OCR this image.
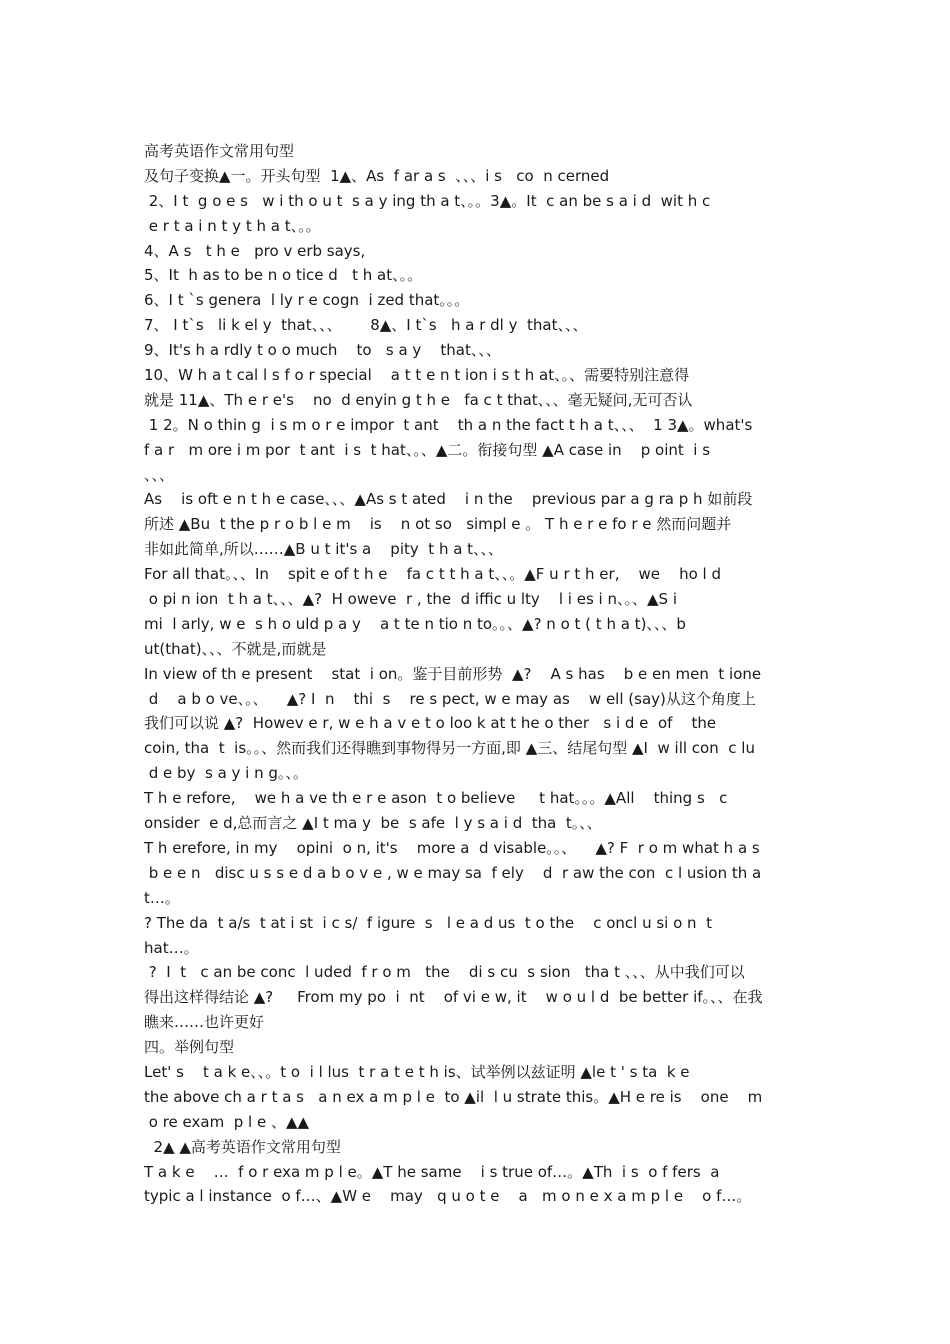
高考英语作文常用句型
及句子变换▲一。开头句型  1▲、As  f ar a s  、、、i s   co  n cerned
2、I t  g o e s   w i th o u t  s a y ing th a t、。。3▲。It  c an be s a i d  wit h c
e r t a i n t y t h a t、。。
4、A s   t h e   pro v erb says,
5、It  h as to be n o tice d   t h at、。。
6、I t `s genera  l ly r e cogn  i zed that。。。
7、 I t`s   li k el y  that、、、      8▲、I t`s   h a r dl y  that、、、
9、It's h a rdly t o o much    to   s a y    that、、、
10、W h a t cal l s f o r special    a t t e n t ion i s t h at、。、需要特别注意得
就是 11▲、Th e r e's    no  d enyin g t h e   fa c t that、、、毫无疑问,无可否认
1 2。N o thin g  i s m o r e impor  t ant    th a n the fact t h a t、、、  1 3▲。what's
f a r   m ore i m por  t ant  i s  t hat、。、▲二。衔接句型 ▲A case in    p oint  i s
、、、
As    is oft e n t h e case、、、▲As s t ated    i n the    previous par a g ra p h 如前段
所述 ▲Bu  t the p r o b l e m    is    n ot so   simpl e 。 T h e r e fo r e 然而问题并
非如此简单,所以……▲B u t it's a    pity  t h a t、、、
For all that。、、In    spit e of t h e    fa c t t h a t、、。▲F u r t h er,    we    ho l d
o pi n ion  t h a t、、、▲?  H oweve  r , the  d iffic u lty    l i es i n、。、▲S i
mi  l arly, w e  s h o uld p a y    a t te n tio n to。。、▲? n o t ( t h a t)、、、b
ut(that)、、、不就是,而就是
In view of th e present    stat  i on。鉴于目前形势  ▲?    A s has    b e en men  t ione
d    a b o ve、。、    ▲? I  n    thi  s    re s pect, w e may as    w ell (say)从这个角度上
我们可以说 ▲?  Howev e r, w e h a v e t o loo k at t he o ther   s i d e  of    the
coin, tha  t  is。。、然而我们还得瞧到事物得另一方面,即 ▲三、结尾句型 ▲I  w ill con  c lu
d e by  s a y i n g。、。
T h e refore,    we h a ve th e r e ason  t o believe     t hat。。。▲All    thing s   c
onsider  e d,总而言之 ▲I t ma y  be  s afe  l y s a i d  tha  t。、、
T h erefore, in my    opini  o n, it's    more a  d visable。。、    ▲? F  r o m what h a s
b e e n   disc u s s e d a b o v e , w e may sa  f ely    d  r aw the con  c l usion th a
t…。
? The da  t a/s  t at i st  i c s/  f igure  s   l e a d us  t o the    c oncl u si o n  t
hat…。
?  I  t   c an be conc  l uded  f r o m   the    di s cu  s sion   tha t 、、、从中我们可以
得出这样得结论 ▲?     From my po  i  nt    of vi e w, it    w o u l d  be better if。、、在我
瞧来……也许更好
四。举例句型
Let' s    t a k e、、。t o  i l lus  t r a t e t h is、试举例以兹证明 ▲le t ' s ta  k e
the above ch a r t a s   a n ex a m p l e  to ▲il  l u strate this。▲H e re is    one    m
o re exam  p l e 、▲▲
2▲ ▲高考英语作文常用句型
T a k e    …  f o r exa m p l e。▲T he same    i s true of…。▲Th  i s  o f fers  a
typic a l instance  o f…、▲W e    may   q u o t e    a   m o n e x a m p l e    o f…。
